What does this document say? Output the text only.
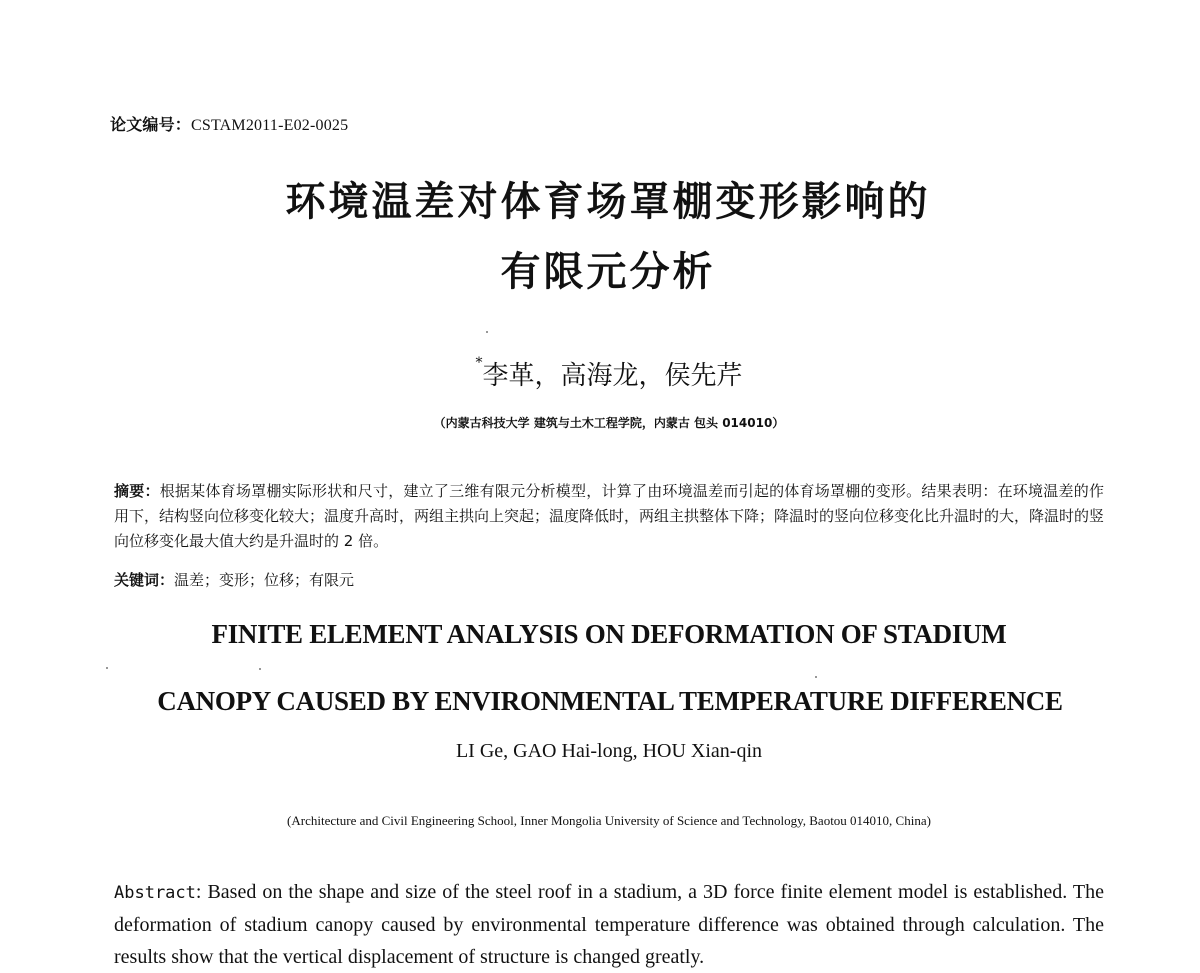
论文编号：CSTAM2011-E02-0025
环境温差对体育场罩棚变形影响的
有限元分析
*李革，高海龙，侯先芹
（内蒙古科技大学 建筑与土木工程学院，内蒙古 包头 014010）
摘要：根据某体育场罩棚实际形状和尺寸，建立了三维有限元分析模型，计算了由环境温差而引起的体育场罩棚的变形。结果表明：在环境温差的作用下，结构竖向位移变化较大；温度升高时，两组主拱向上突起；温度降低时，两组主拱整体下降；降温时的竖向位移变化比升温时的大，降温时的竖向位移变化最大值大约是升温时的 2 倍。
关键词：温差；变形；位移；有限元
FINITE ELEMENT ANALYSIS ON DEFORMATION OF STADIUM
CANOPY CAUSED BY ENVIRONMENTAL TEMPERATURE DIFFERENCE
LI Ge, GAO Hai-long, HOU Xian-qin
(Architecture and Civil Engineering School, Inner Mongolia University of Science and Technology, Baotou 014010, China)
Abstract: Based on the shape and size of the steel roof in a stadium, a 3D force finite element model is established. The deformation of stadium canopy caused by environmental temperature difference was obtained through calculation. The results show that the vertical displacement of structure is changed greatly.
